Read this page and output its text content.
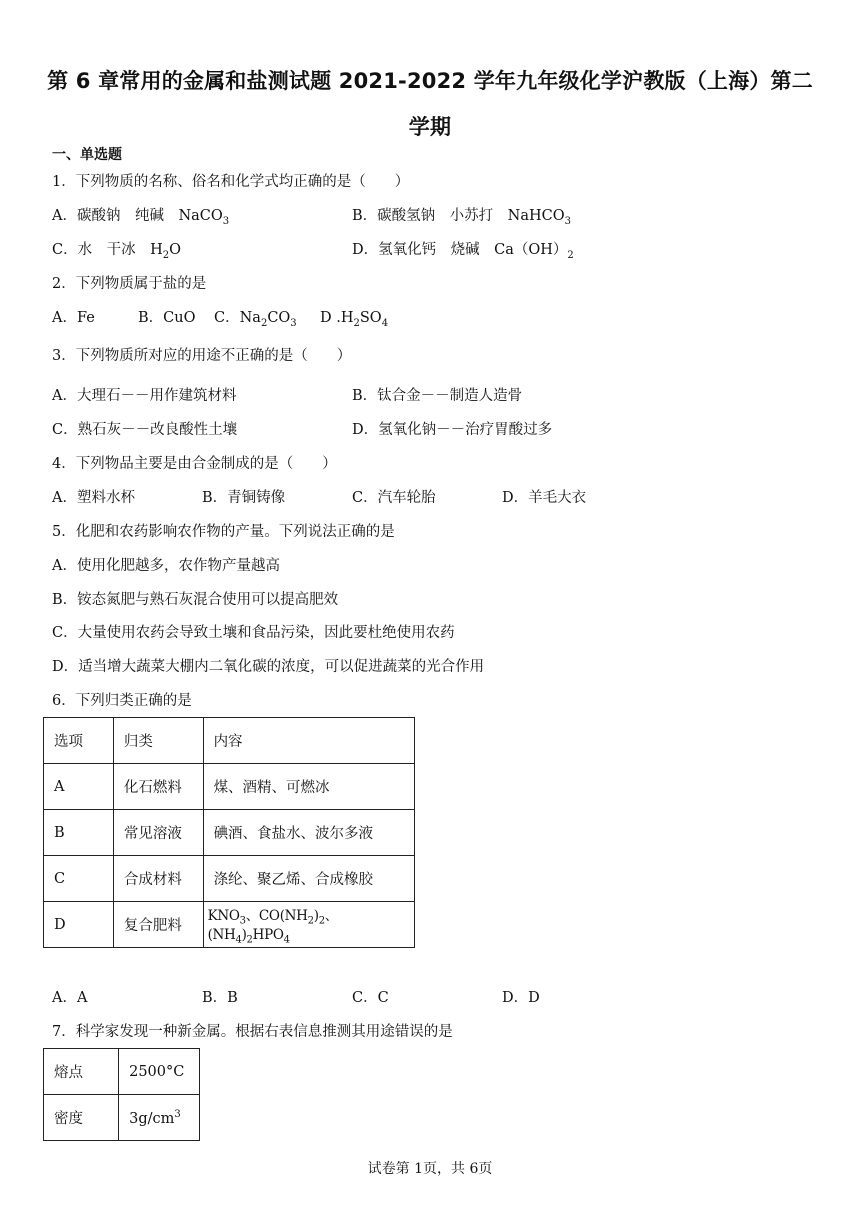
第 6 章常用的金属和盐测试题 2021-2022 学年九年级化学沪教版（上海）第二学期
一、单选题
1．下列物质的名称、俗名和化学式均正确的是（　　）
A．碳酸钠　纯碱　NaCO$_3$	B．碳酸氢钠　小苏打　NaHCO$_3$
C．水　干冰　$H_2O$	D．氢氧化钙　烧碱　$Ca(OH)_2$
2．下列物质属于盐的是
A．Fe	B．CuO C．$Na_2CO_3$ D $.H_2SO_4$
3．下列物质所对应的用途不正确的是（　　）
A．大理石－－用作建筑材料	B．钛合金－－制造人造骨
C．熟石灰－－改良酸性土壤	D．氢氧化钠－－治疗胃酸过多
4．下列物品主要是由合金制成的是（　　）
A．塑料水杯	B．青铜铸像	C．汽车轮胎	D．羊毛大衣
5．化肥和农药影响农作物的产量。下列说法正确的是
A．使用化肥越多，农作物产量越高
B．铵态氮肥与熟石灰混合使用可以提高肥效
C．大量使用农药会导致土壤和食品污染，因此要杜绝使用农药
D．适当增大蔬菜大棚内二氧化碳的浓度，可以促进蔬菜的光合作用
6．下列归类正确的是
选项	归类	内容
A	化石燃料	煤、酒精、可燃冰
B	常见溶液	碘酒、食盐水、波尔多液
C	合成材料	涤纶、聚乙烯、合成橡胶
D	复合肥料	$KNO_3$、$CO(NH_2)_2$、$(NH_4)_2HPO_4$
A．A	B．B	C．C	D．D
7．科学家发现一种新金属。根据右表信息推测其用途错误的是
熔点	2500°C
密度	$3g/cm^3$
试卷第 1页，共 6页
